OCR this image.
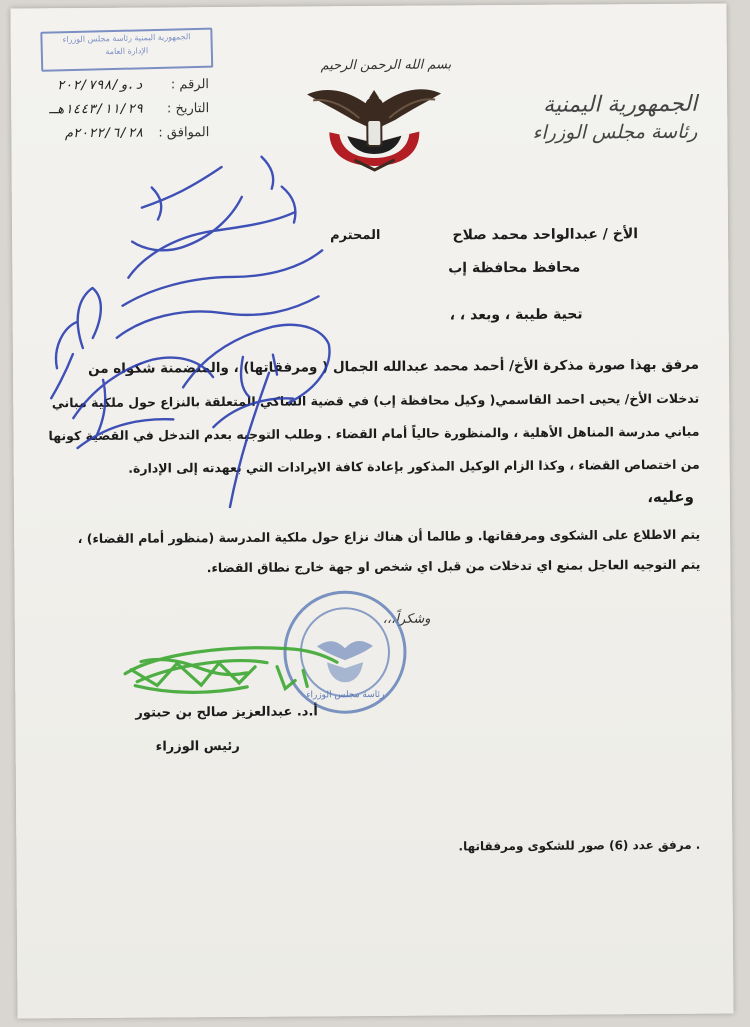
الجمهورية اليمنية رئاسة مجلس الوزراء
الإدارة العامة
الرقم : د.و/٢٠٢/٧٩٨
التاريخ : ١٤٤٣/١١/٢٩هـ
الموافق : ٢٠٢٢/٦/٢٨م
بسم الله الرحمن الرحيم
الجمهورية اليمنية
رئاسة مجلس الوزراء
الأخ / عبدالواحد محمد صلاح
المحترم
محافظ محافظة إب
تحية طيبة ، وبعد ، ،
مرفق بهذا صورة مذكرة الأخ/ أحمد محمد عبدالله الجمال ( ومرفقاتها) ، والمتضمنة شكواه من
تدخلات الأخ/ يحيى احمد القاسمي( وكيل محافظة إب) في قضية الشاكي المتعلقة بالنزاع حول ملكية مباني
مباني مدرسة المناهل الأهلية ، والمنظورة حالياً أمام القضاء . وطلب التوجيه بعدم التدخل في القضية كونها
من اختصاص القضاء ، وكذا الزام الوكيل المذكور بإعادة كافة الايرادات التي بعهدته إلى الإدارة.
وعليه،
يتم الاطلاع على الشكوى ومرفقاتها. و طالما أن هناك نزاع حول ملكية المدرسة (منظور أمام القضاء) ،
يتم التوجيه العاجل بمنع اي تدخلات من قبل اي شخص او جهة خارج نطاق القضاء.
وشكراً،،،
رئاسة مجلس الوزراء
أ.د. عبدالعزيز صالح بن حبتور
رئيس الوزراء
. مرفق عدد (6) صور للشكوى ومرفقاتها.
